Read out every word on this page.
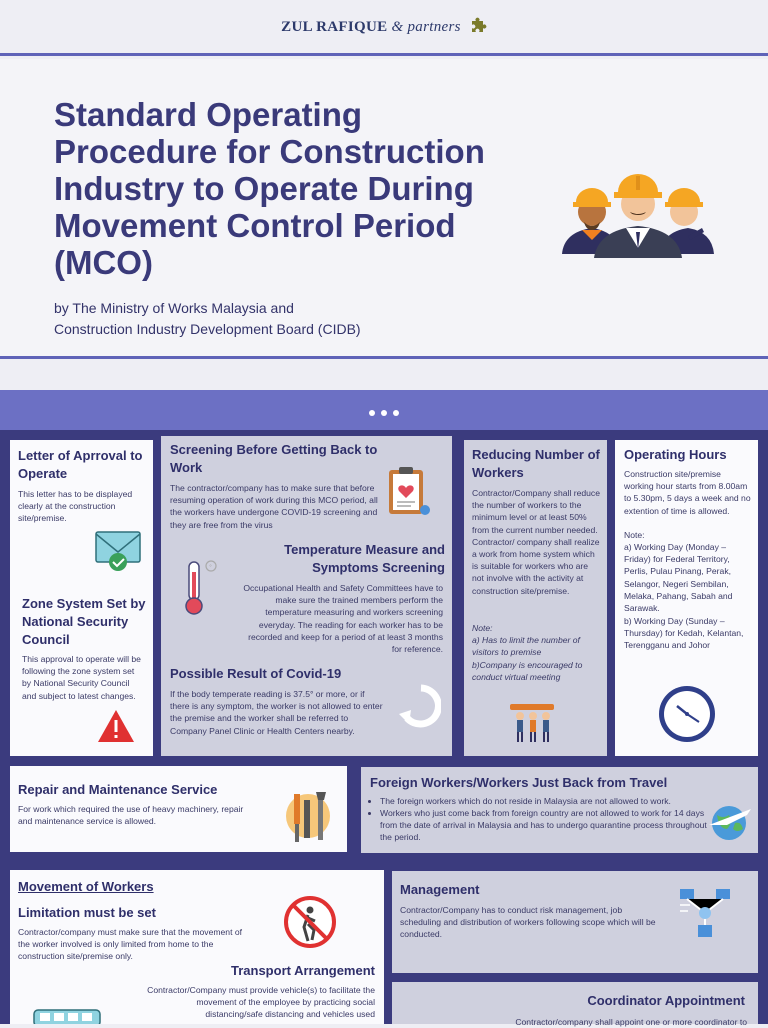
ZUL RAFIQUE & partners
Standard Operating Procedure for Construction Industry to Operate During Movement Control Period (MCO)
by The Ministry of Works Malaysia and
Construction Industry Development Board (CIDB)
Letter of Aprroval to Operate
This letter has to be displayed clearly at the construction site/premise.
Zone System Set by National Security Council
This approval to operate will be following the zone system set by National Security Council and subject to latest changes.
Screening Before Getting Back to Work
The contractor/company has to make sure that before resuming operation of work during this MCO period, all the workers have undergone COVID-19 screening and they are free from the virus
Temperature Measure and Symptoms Screening
Occupational Health and Safety Committees have to make sure the trained members perform the temperature measuring and workers screening everyday. The reading for each worker has to be recorded and keep for a period of at least 3 months for reference.
°
Possible Result of Covid-19
If the body temperate reading is 37.5° or more, or if there is any symptom, the worker is not allowed to enter the premise and the worker shall be referred to Company Panel Clinic or Health Centers nearby.
Reducing Number of Workers
Contractor/Company shall reduce the number of workers to the minimum level or at least 50% from the current number needed. Contractor/ company shall realize a work from home system which is suitable for workers who are not involve with the activity at construction site/premise.
Note:
a) Has to limit the number of visitors to premise
b)Company is encouraged to conduct virtual meeting
Operating Hours
Construction site/premise working hour starts from 8.00am to 5.30pm, 5 days a week and no extention of time is allowed.
Note:
a) Working Day (Monday – Friday) for Federal Territory, Perlis, Pulau Pinang, Perak, Selangor, Negeri Sembilan, Melaka, Pahang, Sabah and Sarawak.
b) Working Day (Sunday – Thursday) for Kedah, Kelantan, Terengganu and Johor
Repair and Maintenance Service
For work which required the use of heavy machinery, repair and maintenance service is allowed.
Foreign Workers/Workers Just Back from Travel
• The foreign workers which do not reside in Malaysia are not allowed to work.
• Workers who just come back from foreign country are not allowed to work for 14 days from the date of arrival in Malaysia and has to undergo quarantine process throughout the period.
Movement of Workers
Limitation must be set
Contractor/company must make sure that the movement of the worker involved is only limited from home to the construction site/premise only.
Transport Arrangement
Contractor/Company must provide vehicle(s) to facilitate the movement of the employee by practicing social distancing/safe distancing and vehicles used
Management
Contractor/Company has to conduct risk management, job scheduling and distribution of workers following scope which will be conducted.
Coordinator Appointment
Contractor/company shall appoint one or more coordinator to
